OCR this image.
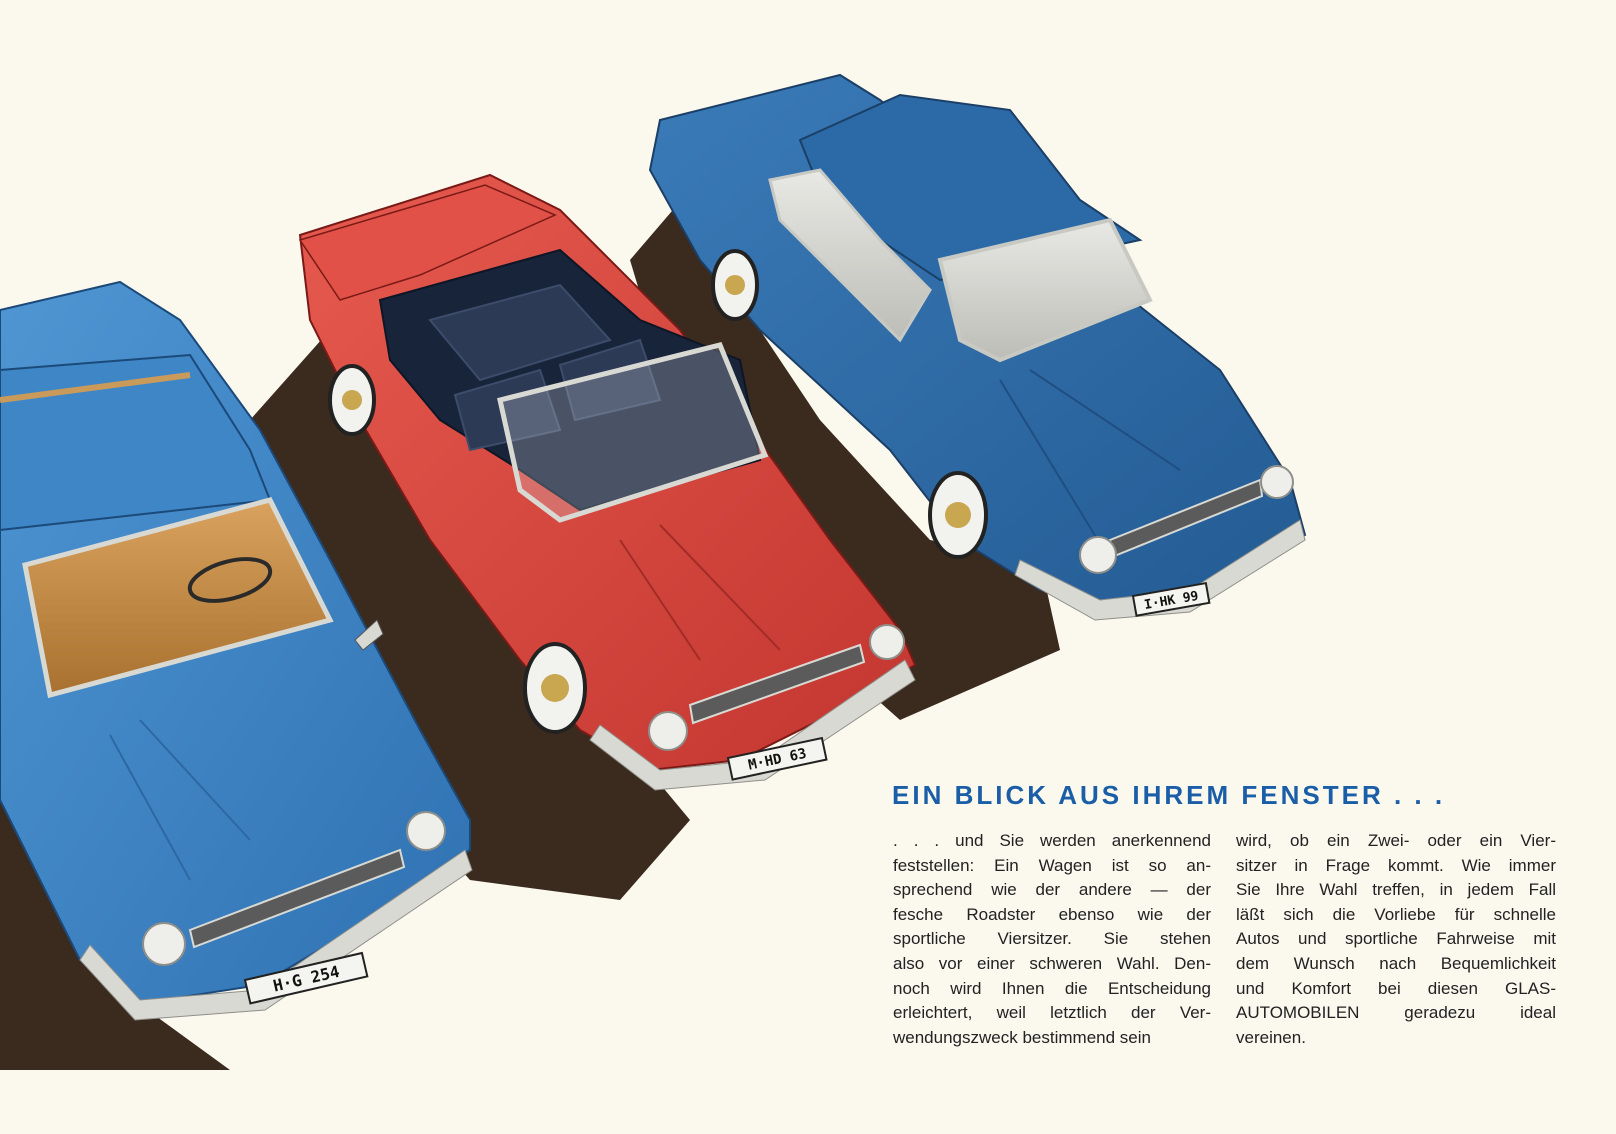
I·HK 99
M·HD 63
H·G 254
EIN BLICK AUS IHREM FENSTER . . .
. . . und Sie werden anerkennend
feststellen: Ein Wagen ist so an-
sprechend wie der andere — der
fesche Roadster ebenso wie der
sportliche Viersitzer. Sie stehen
also vor einer schweren Wahl. Den-
noch wird Ihnen die Entscheidung
erleichtert, weil letztlich der Ver-
wendungszweck bestimmend sein
wird, ob ein Zwei- oder ein Vier-
sitzer in Frage kommt. Wie immer
Sie Ihre Wahl treffen, in jedem Fall
läßt sich die Vorliebe für schnelle
Autos und sportliche Fahrweise mit
dem Wunsch nach Bequemlichkeit
und Komfort bei diesen GLAS-
AUTOMOBILEN geradezu ideal
vereinen.
